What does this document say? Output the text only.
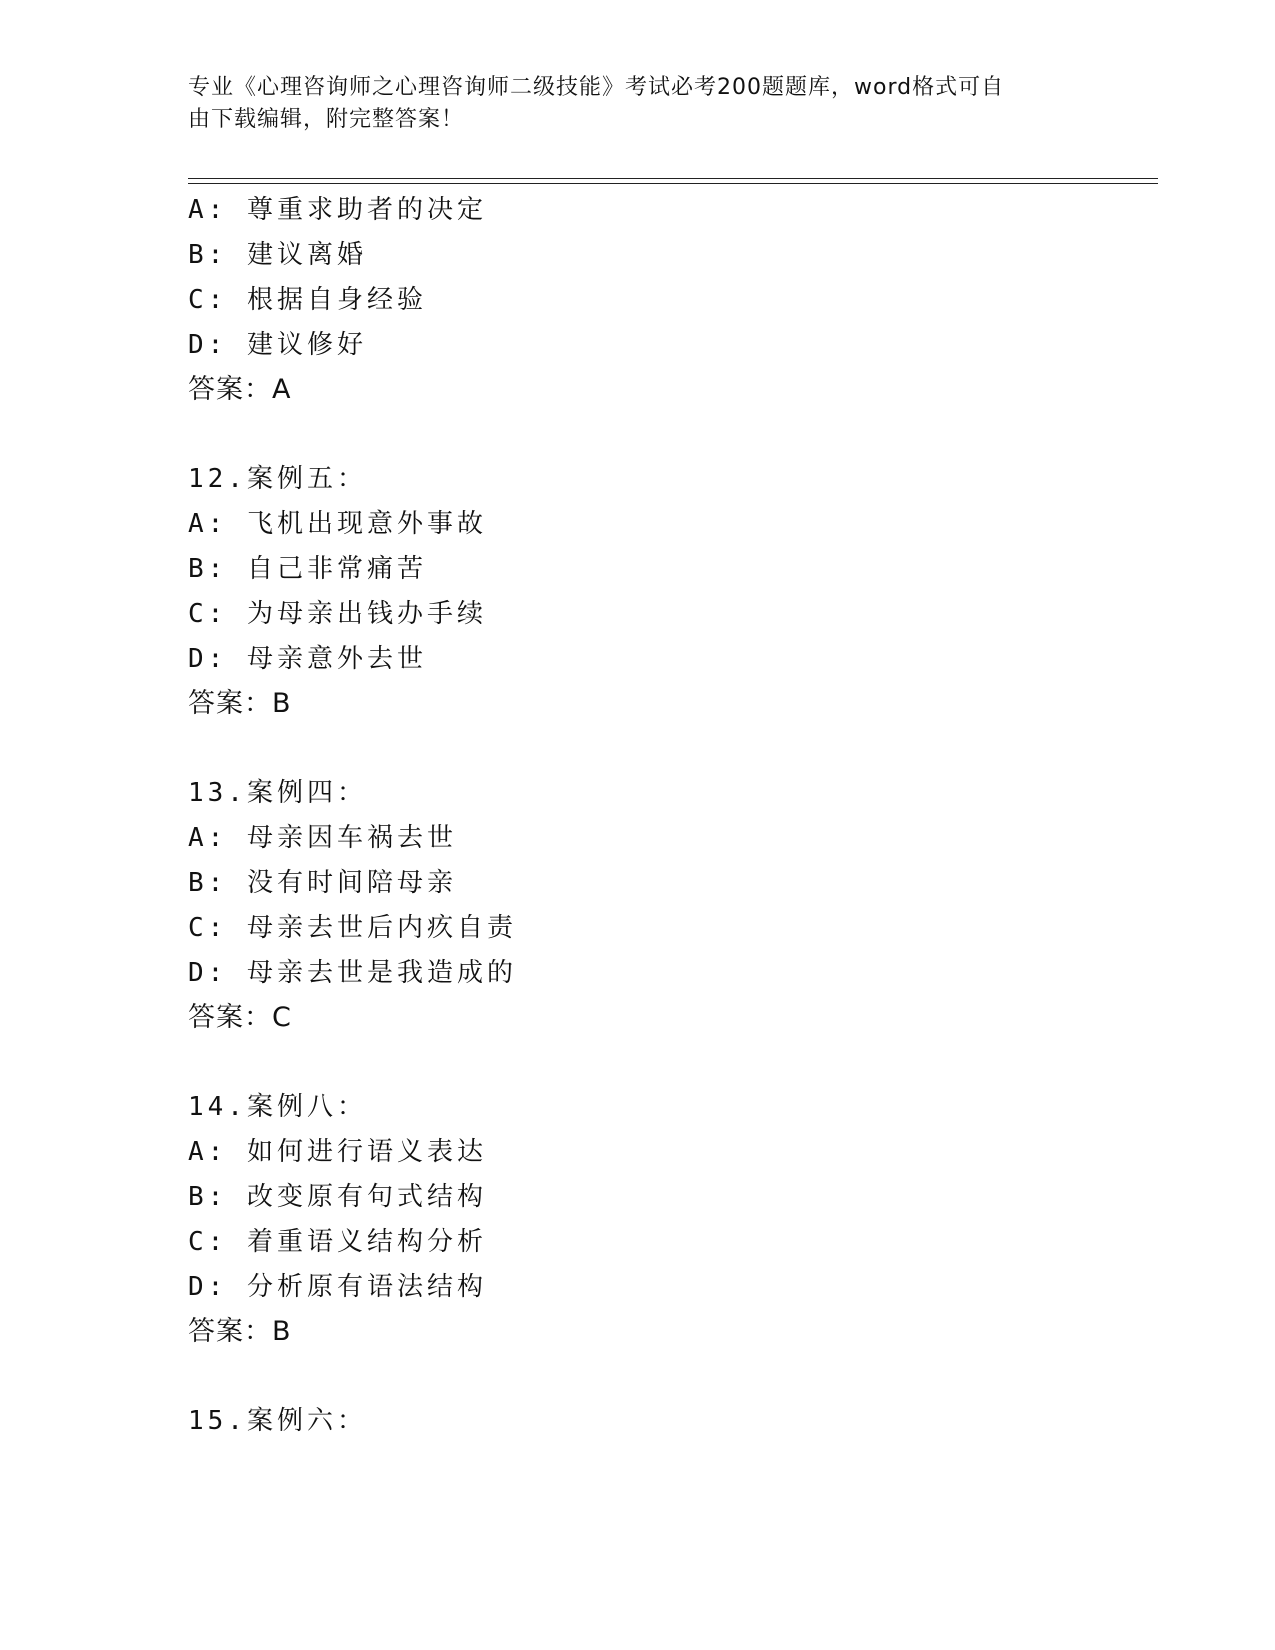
专业《心理咨询师之心理咨询师二级技能》考试必考200题题库，word格式可自
由下载编辑，附完整答案！
A: 尊重求助者的决定
B: 建议离婚
C: 根据自身经验
D: 建议修好
答案：A
12.案例五：
A: 飞机出现意外事故
B: 自己非常痛苦
C: 为母亲出钱办手续
D: 母亲意外去世
答案：B
13.案例四：
A: 母亲因车祸去世
B: 没有时间陪母亲
C: 母亲去世后内疚自责
D: 母亲去世是我造成的
答案：C
14.案例八：
A: 如何进行语义表达
B: 改变原有句式结构
C: 着重语义结构分析
D: 分析原有语法结构
答案：B
15.案例六：
